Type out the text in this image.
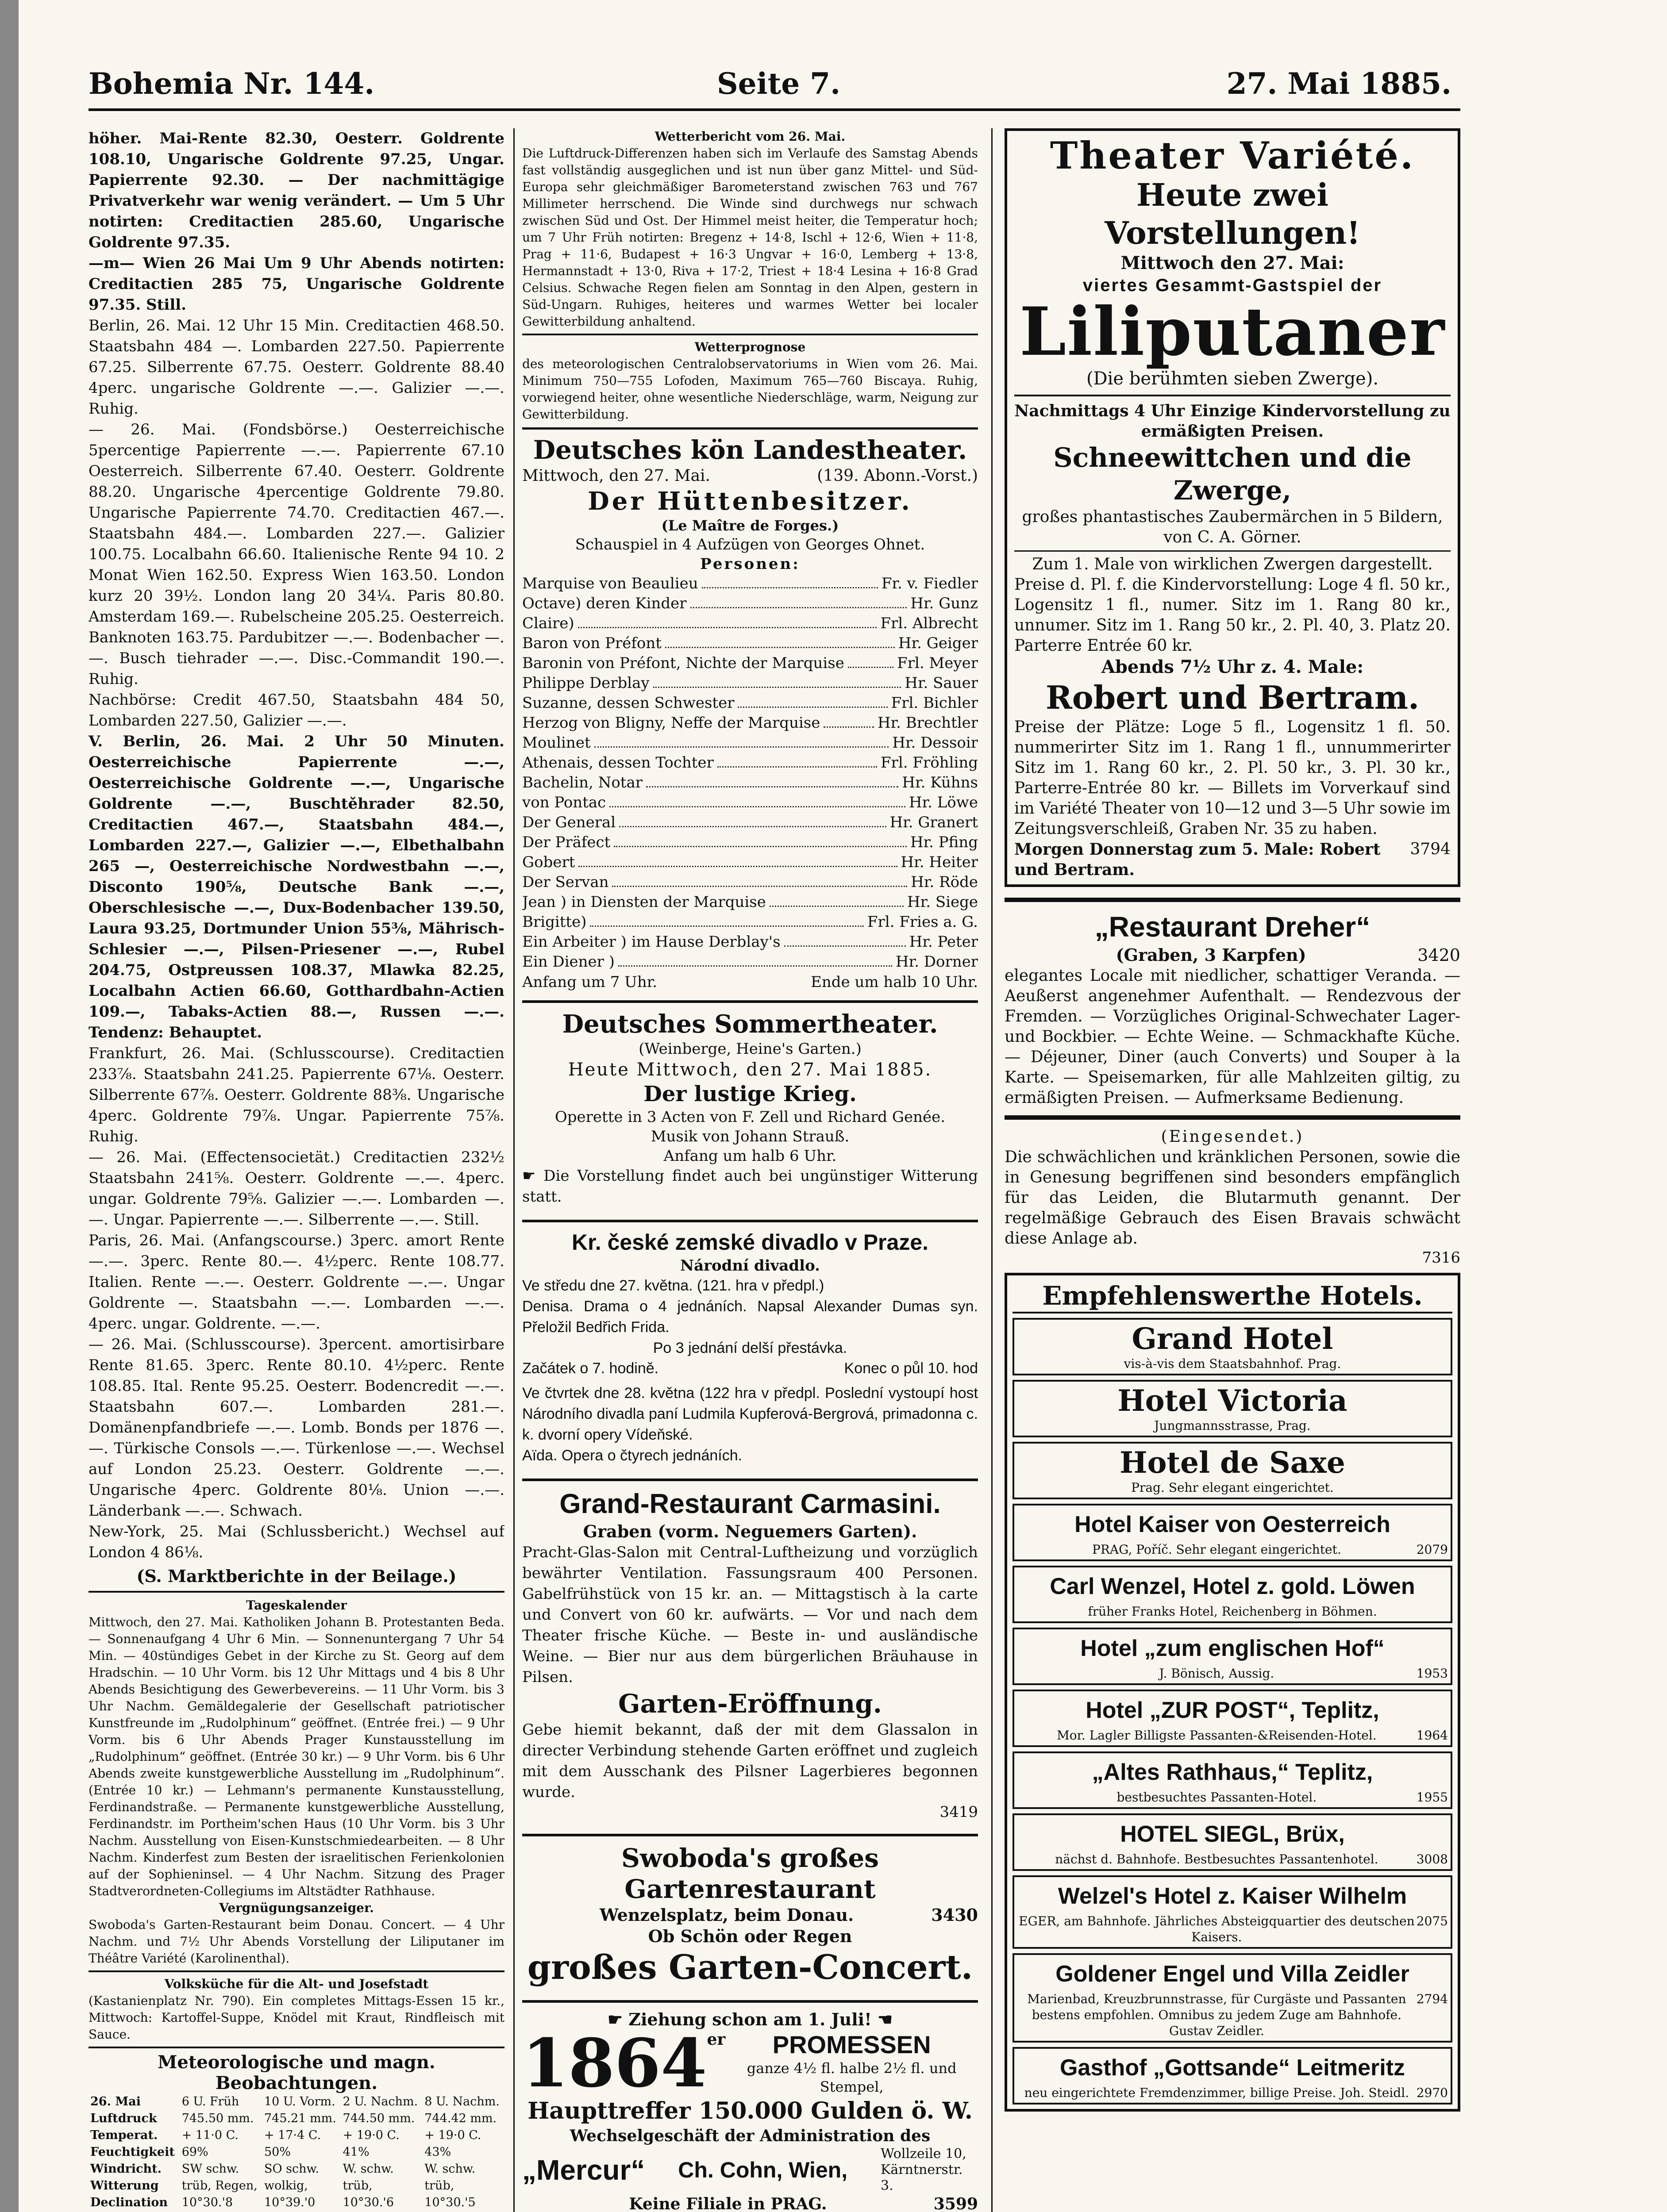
Bohemia Nr. 144.	Seite 7.	27. Mai 1885.

höher. Mai-Rente 82.30, Oesterr. Goldrente 108.10, Ungarische Goldrente 97.25, Ungar. Papierrente 92.30. — Der nachmittägige Privatverkehr war wenig verändert. — Um 5 Uhr notirten: Creditactien 285.60, Ungarische Goldrente 97.35.

—m— Wien 26 Mai Um 9 Uhr Abends notirten: Creditactien 285 75, Ungarische Goldrente 97.35. Still.

Berlin, 26. Mai. 12 Uhr 15 Min. Creditactien 468.50. Staatsbahn 484 —. Lombarden 227.50. Papierrente 67.25. Silberrente 67.75. Oesterr. Goldrente 88.40 4perc. ungarische Goldrente —.—. Galizier —.—. Ruhig.

— 26. Mai. (Fondsbörse.) Oesterreichische 5percentige Papierrente —.—. Papierrente 67.10 Oesterreich. Silberrente 67.40. Oesterr. Goldrente 88.20. Ungarische 4percentige Goldrente 79.80. Ungarische Papierrente 74.70. Creditactien 467.—. Staatsbahn 484.—. Lombarden 227.—. Galizier 100.75. Localbahn 66.60. Italienische Rente 94 10. 2 Monat Wien 162.50. Express Wien 163.50. London kurz 20 39½. London lang 20 34¼. Paris 80.80. Amsterdam 169.—. Rubelscheine 205.25. Oesterreich. Banknoten 163.75. Pardubitzer —.—. Bodenbacher —.—. Busch tiehrader —.—. Disc.-Commandit 190.—. Ruhig.

Nachbörse: Credit 467.50, Staatsbahn 484 50, Lombarden 227.50, Galizier —.—.

V. Berlin, 26. Mai. 2 Uhr 50 Minuten. Oesterreichische Papierrente —.—, Oesterreichische Goldrente —.—, Ungarische Goldrente —.—, Buschtěhrader 82.50, Creditactien 467.—, Staatsbahn 484.—, Lombarden 227.—, Galizier —.—, Elbethalbahn 265 —, Oesterreichische Nordwestbahn —.—, Disconto 190⅝, Deutsche Bank —.—, Oberschlesische —.—, Dux-Bodenbacher 139.50, Laura 93.25, Dortmunder Union 55⅜, Mährisch-Schlesier —.—, Pilsen-Priesener —.—, Rubel 204.75, Ostpreussen 108.37, Mlawka 82.25, Localbahn Actien 66.60, Gotthardbahn-Actien 109.—, Tabaks-Actien 88.—, Russen —.—. Tendenz: Behauptet.

Frankfurt, 26. Mai. (Schlusscourse). Creditactien 233⅞. Staatsbahn 241.25. Papierrente 67⅛. Oesterr. Silberrente 67⅞. Oesterr. Goldrente 88⅜. Ungarische 4perc. Goldrente 79⅞. Ungar. Papierrente 75⅞. Ruhig.

— 26. Mai. (Effectensocietät.) Creditactien 232½ Staatsbahn 241⅝. Oesterr. Goldrente —.—. 4perc. ungar. Goldrente 79⅝. Galizier —.—. Lombarden —.—. Ungar. Papierrente —.—. Silberrente —.—. Still.

Paris, 26. Mai. (Anfangscourse.) 3perc. amort Rente —.—. 3perc. Rente 80.—. 4½perc. Rente 108.77. Italien. Rente —.—. Oesterr. Goldrente —.—. Ungar Goldrente —. Staatsbahn —.—. Lombarden —.—. 4perc. ungar. Goldrente. —.—.

— 26. Mai. (Schlusscourse). 3percent. amortisirbare Rente 81.65. 3perc. Rente 80.10. 4½perc. Rente 108.85. Ital. Rente 95.25. Oesterr. Bodencredit —.—. Staatsbahn 607.—. Lombarden 281.—. Domänenpfandbriefe —.—. Lomb. Bonds per 1876 —.—. Türkische Consols —.—. Türkenlose —.—. Wechsel auf London 25.23. Oesterr. Goldrente —.—. Ungarische 4perc. Goldrente 80⅛. Union —.—. Länderbank —.—. Schwach.

New-York, 25. Mai (Schlussbericht.) Wechsel auf London 4 86⅛.

(S. Marktberichte in der Beilage.)

Tageskalender

Mittwoch, den 27. Mai. Katholiken Johann B. Protestanten Beda. — Sonnenaufgang 4 Uhr 6 Min. — Sonnenuntergang 7 Uhr 54 Min. — 40stündiges Gebet in der Kirche zu St. Georg auf dem Hradschin. — 10 Uhr Vorm. bis 12 Uhr Mittags und 4 bis 8 Uhr Abends Besichtigung des Gewerbevereins. — 11 Uhr Vorm. bis 3 Uhr Nachm. Gemäldegalerie der Gesellschaft patriotischer Kunstfreunde im „Rudolphinum“ geöffnet. (Entrée frei.) — 9 Uhr Vorm. bis 6 Uhr Abends Prager Kunstausstellung im „Rudolphinum“ geöffnet. (Entrée 30 kr.) — 9 Uhr Vorm. bis 6 Uhr Abends zweite kunstgewerbliche Ausstellung im „Rudolphinum“. (Entrée 10 kr.) — Lehmann's permanente Kunstausstellung, Ferdinandstraße. — Permanente kunstgewerbliche Ausstellung, Ferdinandstr. im Portheim'schen Haus (10 Uhr Vorm. bis 3 Uhr Nachm. Ausstellung von Eisen-Kunstschmiedearbeiten. — 8 Uhr Nachm. Kinderfest zum Besten der israelitischen Ferienkolonien auf der Sophieninsel. — 4 Uhr Nachm. Sitzung des Prager Stadtverordneten-Collegiums im Altstädter Rathhause.

Vergnügungsanzeiger.

Swoboda's Garten-Restaurant beim Donau. Concert. — 4 Uhr Nachm. und 7½ Uhr Abends Vorstellung der Liliputaner im Théâtre Variété (Karolinenthal).

Volksküche für die Alt- und Josefstadt

(Kastanienplatz Nr. 790). Ein completes Mittags-Essen 15 kr., Mittwoch: Kartoffel-Suppe, Knödel mit Kraut, Rindfleisch mit Sauce.

Meteorologische und magn. Beobachtungen.

26. Mai	6 U. Früh	10 U. Vorm.	2 U. Nachm.	8 U. Nachm.
Luftdruck	745.50 mm.	745.21 mm.	744.50 mm.	744.42 mm.
Temperat.	+ 11·0 C.	+ 17·4 C.	+ 19·0 C.	+ 19·0 C.
Feuchtigkeit	69%	50%	41%	43%
Windricht.	SW schw.	SO schw.	W. schw.	W. schw.
Witterung	trüb, Regen,	wolkig,	trüb,	trüb,
Declination	10°30.'8	10°39.'0	10°30.'6	10°30.'5

Wetterbericht vom 26. Mai.

Die Luftdruck-Differenzen haben sich im Verlaufe des Samstag Abends fast vollständig ausgeglichen und ist nun über ganz Mittel- und Süd-Europa sehr gleichmäßiger Barometerstand zwischen 763 und 767 Millimeter herrschend. Die Winde sind durchwegs nur schwach zwischen Süd und Ost. Der Himmel meist heiter, die Temperatur hoch; um 7 Uhr Früh notirten: Bregenz + 14·8, Ischl + 12·6, Wien + 11·8, Prag + 11·6, Budapest + 16·3 Ungvar + 16·0, Lemberg + 13·8, Hermannstadt + 13·0, Riva + 17·2, Triest + 18·4 Lesina + 16·8 Grad Celsius. Schwache Regen fielen am Sonntag in den Alpen, gestern in Süd-Ungarn. Ruhiges, heiteres und warmes Wetter bei localer Gewitterbildung anhaltend.

Wetterprognose

des meteorologischen Centralobservatoriums in Wien vom 26. Mai. Minimum 750—755 Lofoden, Maximum 765—760 Biscaya. Ruhig, vorwiegend heiter, ohne wesentliche Niederschläge, warm, Neigung zur Gewitterbildung.

Deutsches kön Landestheater.
Mittwoch, den 27. Mai.	(139. Abonn.-Vorst.)
Der Hüttenbesitzer.
(Le Maître de Forges.)
Schauspiel in 4 Aufzügen von Georges Ohnet.
Personen:
Marquise von Beaulieu	Fr. v. Fiedler
Octave) deren Kinder	Hr. Gunz
Claire)	Frl. Albrecht
Baron von Préfont	Hr. Geiger
Baronin von Préfont, Nichte der Marquise	Frl. Meyer
Philippe Derblay	Hr. Sauer
Suzanne, dessen Schwester	Frl. Bichler
Herzog von Bligny, Neffe der Marquise	Hr. Brechtler
Moulinet	Hr. Dessoir
Athenais, dessen Tochter	Frl. Fröhling
Bachelin, Notar	Hr. Kühns
von Pontac	Hr. Löwe
Der General	Hr. Granert
Der Präfect	Hr. Pfing
Gobert	Hr. Heiter
Der Servan	Hr. Röde
Jean ) in Diensten der Marquise	Hr. Siege
Brigitte)	Frl. Fries a. G.
Ein Arbeiter ) im Hause Derblay's	Hr. Peter
Ein Diener )	Hr. Dorner
Anfang um 7 Uhr.	Ende um halb 10 Uhr.
Deutsches Sommertheater.
(Weinberge, Heine's Garten.)
Heute Mittwoch, den 27. Mai 1885.
Der lustige Krieg.
Operette in 3 Acten von F. Zell und Richard Genée.
Musik von Johann Strauß.
Anfang um halb 6 Uhr.
☛ Die Vorstellung findet auch bei ungünstiger Witterung statt.
Kr. české zemské divadlo v Praze.
Národní divadlo.
Ve středu dne 27. května. (121. hra v předpl.)
Denisa. Drama o 4 jednáních. Napsal Alexander Dumas syn. Přeložil Bedřich Frida.
Po 3 jednání delší přestávka.
Začátek o 7. hodině.	Konec o půl 10. hod
Ve čtvrtek dne 28. května (122 hra v předpl. Poslední vystoupí host Národního divadla paní Ludmila Kupferová-Bergrová, primadonna c. k. dvorní opery Vídeňské.
Aïda. Opera o čtyrech jednáních.
Grand-Restaurant Carmasini.
Graben (vorm. Neguemers Garten).
Pracht-Glas-Salon mit Central-Luftheizung und vorzüglich bewährter Ventilation. Fassungsraum 400 Personen. Gabelfrühstück von 15 kr. an. — Mittagstisch à la carte und Convert von 60 kr. aufwärts. — Vor und nach dem Theater frische Küche. — Beste in- und ausländische Weine. — Bier nur aus dem bürgerlichen Bräuhause in Pilsen.
Garten-Eröffnung.
Gebe hiemit bekannt, daß der mit dem Glassalon in directer Verbindung stehende Garten eröffnet und zugleich mit dem Ausschank des Pilsner Lagerbieres begonnen wurde.
3419
Swoboda's großes Gartenrestaurant
Wenzelsplatz, beim Donau.	3430
Ob Schön oder Regen
großes Garten-Concert.
☛ Ziehung schon am 1. Juli! ☚
1864 er	PROMESSEN
ganze 4½ fl. halbe 2½ fl. und Stempel,
Haupttreffer 150.000 Gulden ö. W.
Wechselgeschäft der Administration des
„Mercur“ Ch. Cohn, Wien,
Wollzeile 10, Kärntnerstr. 3.
Keine Filiale in PRAG.	3599
Theater Variété.
Heute zwei Vorstellungen!
Mittwoch den 27. Mai:
viertes Gesammt-Gastspiel der
Liliputaner
(Die berühmten sieben Zwerge).
Nachmittags 4 Uhr Einzige Kindervorstellung zu ermäßigten Preisen.
Schneewittchen und die Zwerge,
großes phantastisches Zaubermärchen in 5 Bildern, von C. A. Görner.
Zum 1. Male von wirklichen Zwergen dargestellt.
Preise d. Pl. f. die Kindervorstellung: Loge 4 fl. 50 kr., Logensitz 1 fl., numer. Sitz im 1. Rang 80 kr., unnumer. Sitz im 1. Rang 50 kr., 2. Pl. 40, 3. Platz 20. Parterre Entrée 60 kr.
Abends 7½ Uhr z. 4. Male:
Robert und Bertram.
Preise der Plätze: Loge 5 fl., Logensitz 1 fl. 50. nummerirter Sitz im 1. Rang 1 fl., unnummerirter Sitz im 1. Rang 60 kr., 2. Pl. 50 kr., 3. Pl. 30 kr., Parterre-Entrée 80 kr. — Billets im Vorverkauf sind im Variété Theater von 10—12 und 3—5 Uhr sowie im Zeitungsverschleiß, Graben Nr. 35 zu haben.
Morgen Donnerstag zum 5. Male: Robert und Bertram.
3794
„Restaurant Dreher“
(Graben, 3 Karpfen)	3420
elegantes Locale mit niedlicher, schattiger Veranda. — Aeußerst angenehmer Aufenthalt. — Rendezvous der Fremden. — Vorzügliches Original-Schwechater Lager- und Bockbier. — Echte Weine. — Schmackhafte Küche. — Déjeuner, Diner (auch Converts) und Souper à la Karte. — Speisemarken, für alle Mahlzeiten giltig, zu ermäßigten Preisen. — Aufmerksame Bedienung.
(Eingesendet.)
Die schwächlichen und kränklichen Personen, sowie die in Genesung begriffenen sind besonders empfänglich für das Leiden, die Blutarmuth genannt. Der regelmäßige Gebrauch des Eisen Bravais schwächt diese Anlage ab.
7316
Empfehlenswerthe Hotels.
Grand Hotel
vis-à-vis dem Staatsbahnhof. Prag.
Hotel Victoria
Jungmannsstrasse, Prag.
Hotel de Saxe
Prag. Sehr elegant eingerichtet.
Hotel Kaiser von Oesterreich
PRAG, Poříč. Sehr elegant eingerichtet.	2079
Carl Wenzel, Hotel z. gold. Löwen
früher Franks Hotel, Reichenberg in Böhmen.
Hotel „zum englischen Hof“
J. Bönisch, Aussig.	1953
Hotel „ZUR POST“, Teplitz,
Mor. Lagler Billigste Passanten-&Reisenden-Hotel.	1964
„Altes Rathhaus,“ Teplitz,
bestbesuchtes Passanten-Hotel.	1955
HOTEL SIEGL, Brüx,
nächst d. Bahnhofe. Bestbesuchtes Passantenhotel.	3008
Welzel's Hotel z. Kaiser Wilhelm
EGER, am Bahnhofe. Jährliches Absteigquartier des deutschen Kaisers.
2075
Goldener Engel und Villa Zeidler
Marienbad, Kreuzbrunnstrasse, für Curgäste und Passanten bestens empfohlen. Omnibus zu jedem Zuge am Bahnhofe. Gustav Zeidler.
2794
Gasthof „Gottsande“ Leitmeritz
neu eingerichtete Fremdenzimmer, billige Preise. Joh. Steidl. 2970
